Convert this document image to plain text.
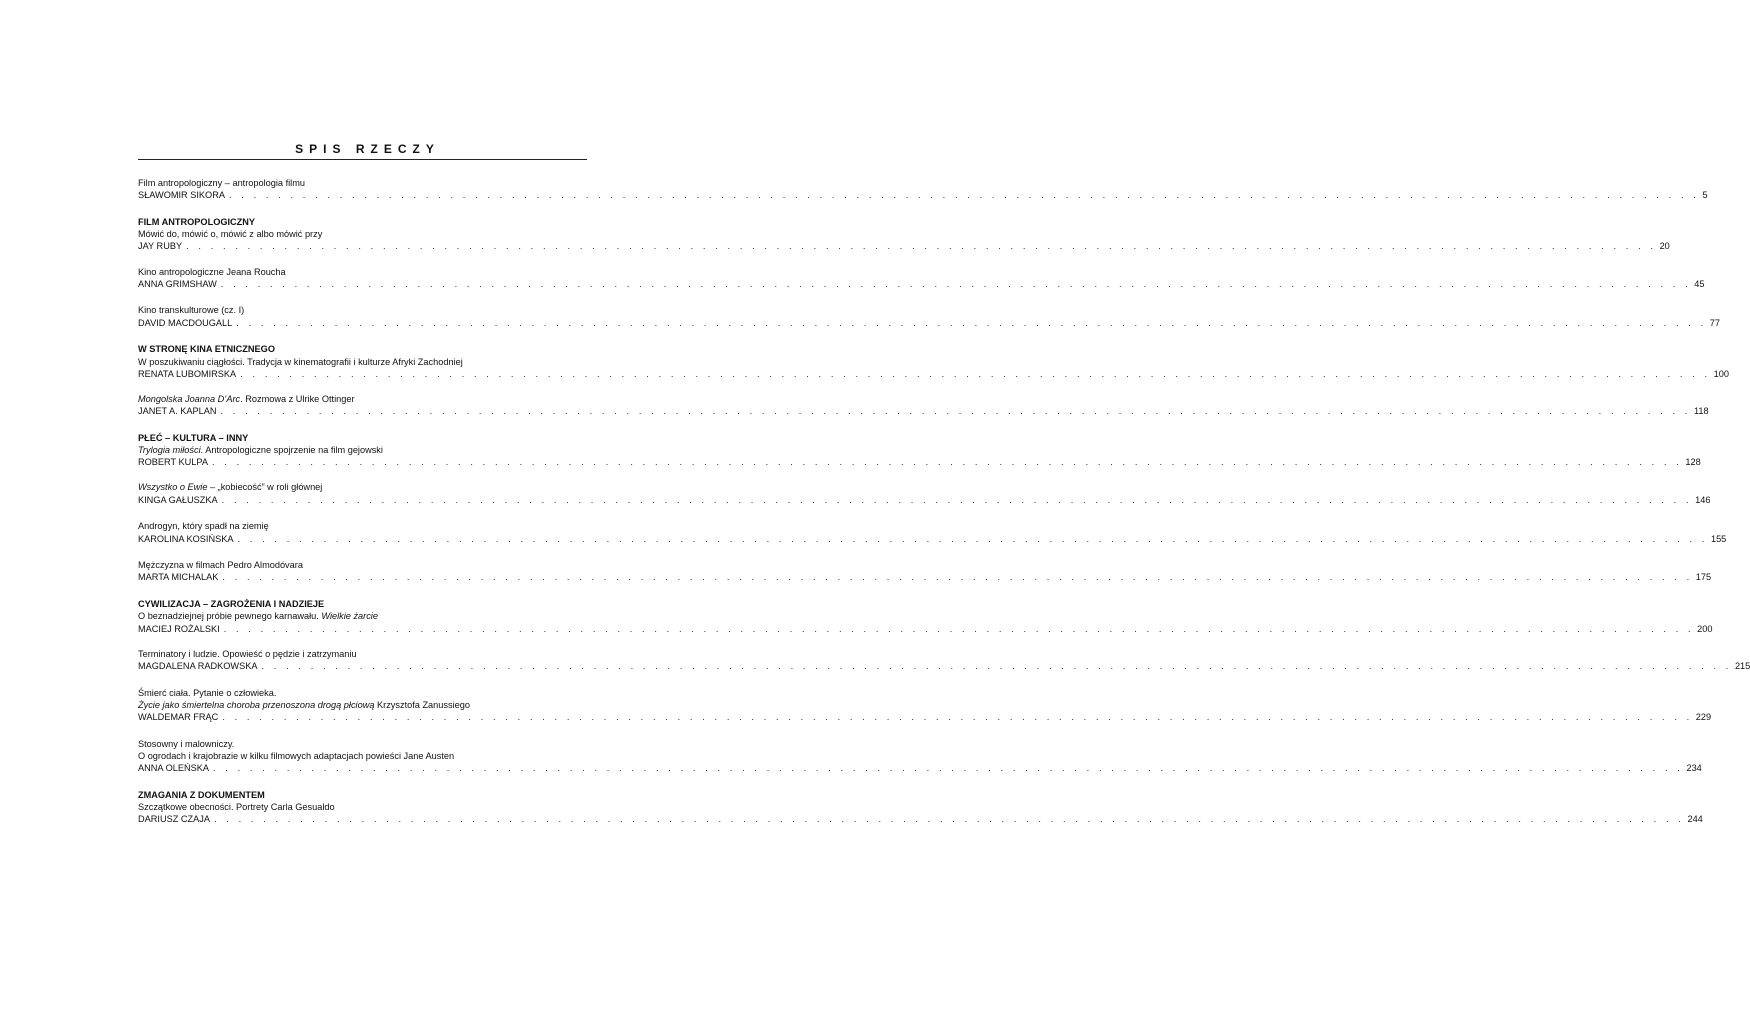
SPIS RZECZY
Film antropologiczny – antropologia filmu
SŁAWOMIR SIKORA . . . . . . . . . . . . . . . . . . . . . . . . . . . . . . . . . . . . . . . . . . . . . . . . . . . . . . . . . . . . . . . . . . . . . . . . . . . . . . . . . . . . . . . . . . . . . . . . . . . . . . . . . . . . . . . . . . . . . . . . 5
FILM ANTROPOLOGICZNY
Mówić do, mówić o, mówić z albo mówić przy
JAY RUBY . . . . . . . . . . . . . . . . . . . . . . . . . . . . . . . . . . . . . . . . . . . . . . . . . . . . . . . . . . . . . . . . . . . . . . . . . . . . . . . . . . . . . . . . . . . . . . . . . . . . . . . . . . . . . . . . . . . . . . . . 20
Kino antropologiczne Jeana Roucha
ANNA GRIMSHAW . . . . . . . . . . . . . . . . . . . . . . . . . . . . . . . . . . . . . . . . . . . . . . . . . . . . . . . . . . . . . . . . . . . . . . . . . . . . . . . . . . . . . . . . . . . . . . . . . . . . . . . . . . . . . . . . . . . . . . . . 45
Kino transkulturowe (cz. I)
DAVID MACDOUGALL . . . . . . . . . . . . . . . . . . . . . . . . . . . . . . . . . . . . . . . . . . . . . . . . . . . . . . . . . . . . . . . . . . . . . . . . . . . . . . . . . . . . . . . . . . . . . . . . . . . . . . . . . . . . . . . . . . . . . . . . 77
W STRONĘ KINA ETNICZNEGO
W poszukiwaniu ciągłości. Tradycja w kinematografii i kulturze Afryki Zachodniej
RENATA LUBOMIRSKA . . . . . . . . . . . . . . . . . . . . . . . . . . . . . . . . . . . . . . . . . . . . . . . . . . . . . . . . . . . . . . . . . . . . . . . . . . . . . . . . . . . . . . . . . . . . . . . . . . . . . . . . . . . . . . . . . . . . . . . . 100
Mongolska Joanna D’Arc. Rozmowa z Ulrike Ottinger
JANET A. KAPLAN . . . . . . . . . . . . . . . . . . . . . . . . . . . . . . . . . . . . . . . . . . . . . . . . . . . . . . . . . . . . . . . . . . . . . . . . . . . . . . . . . . . . . . . . . . . . . . . . . . . . . . . . . . . . . . . . . . . . . . . . 118
PŁEĆ – KULTURA – INNY
Trylogia miłości. Antropologiczne spojrzenie na film gejowski
ROBERT KULPA . . . . . . . . . . . . . . . . . . . . . . . . . . . . . . . . . . . . . . . . . . . . . . . . . . . . . . . . . . . . . . . . . . . . . . . . . . . . . . . . . . . . . . . . . . . . . . . . . . . . . . . . . . . . . . . . . . . . . . . . 128
Wszystko o Ewie – „kobiecość” w roli głównej
KINGA GAŁUSZKA . . . . . . . . . . . . . . . . . . . . . . . . . . . . . . . . . . . . . . . . . . . . . . . . . . . . . . . . . . . . . . . . . . . . . . . . . . . . . . . . . . . . . . . . . . . . . . . . . . . . . . . . . . . . . . . . . . . . . . . . 146
Androgyn, który spadł na ziemię
KAROLINA KOSIŃSKA . . . . . . . . . . . . . . . . . . . . . . . . . . . . . . . . . . . . . . . . . . . . . . . . . . . . . . . . . . . . . . . . . . . . . . . . . . . . . . . . . . . . . . . . . . . . . . . . . . . . . . . . . . . . . . . . . . . . . . . . 155
Mężczyzna w filmach Pedro Almodóvara
MARTA MICHALAK . . . . . . . . . . . . . . . . . . . . . . . . . . . . . . . . . . . . . . . . . . . . . . . . . . . . . . . . . . . . . . . . . . . . . . . . . . . . . . . . . . . . . . . . . . . . . . . . . . . . . . . . . . . . . . . . . . . . . . . . 175
CYWILIZACJA – ZAGROŻENIA I NADZIEJE
O beznadziejnej próbie pewnego karnawału. Wielkie żarcie
MACIEJ ROŻALSKI . . . . . . . . . . . . . . . . . . . . . . . . . . . . . . . . . . . . . . . . . . . . . . . . . . . . . . . . . . . . . . . . . . . . . . . . . . . . . . . . . . . . . . . . . . . . . . . . . . . . . . . . . . . . . . . . . . . . . . . . 200
Terminatory i ludzie. Opowieść o pędzie i zatrzymaniu
MAGDALENA RADKOWSKA . . . . . . . . . . . . . . . . . . . . . . . . . . . . . . . . . . . . . . . . . . . . . . . . . . . . . . . . . . . . . . . . . . . . . . . . . . . . . . . . . . . . . . . . . . . . . . . . . . . . . . . . . . . . . . . . . . . . . . . . 215
Śmierć ciała. Pytanie o człowieka.
Życie jako śmiertelna choroba przenoszona drogą płciową Krzysztofa Zanussiego
WALDEMAR FRĄC . . . . . . . . . . . . . . . . . . . . . . . . . . . . . . . . . . . . . . . . . . . . . . . . . . . . . . . . . . . . . . . . . . . . . . . . . . . . . . . . . . . . . . . . . . . . . . . . . . . . . . . . . . . . . . . . . . . . . . . . 229
Stosowny i malowniczy.
O ogrodach i krajobrazie w kilku filmowych adaptacjach powieści Jane Austen
ANNA OLEŃSKA . . . . . . . . . . . . . . . . . . . . . . . . . . . . . . . . . . . . . . . . . . . . . . . . . . . . . . . . . . . . . . . . . . . . . . . . . . . . . . . . . . . . . . . . . . . . . . . . . . . . . . . . . . . . . . . . . . . . . . . . 234
ZMAGANIA Z DOKUMENTEM
Szczątkowe obecności. Portrety Carla Gesualdo
DARIUSZ CZAJA . . . . . . . . . . . . . . . . . . . . . . . . . . . . . . . . . . . . . . . . . . . . . . . . . . . . . . . . . . . . . . . . . . . . . . . . . . . . . . . . . . . . . . . . . . . . . . . . . . . . . . . . . . . . . . . . . . . . . . . . 244
